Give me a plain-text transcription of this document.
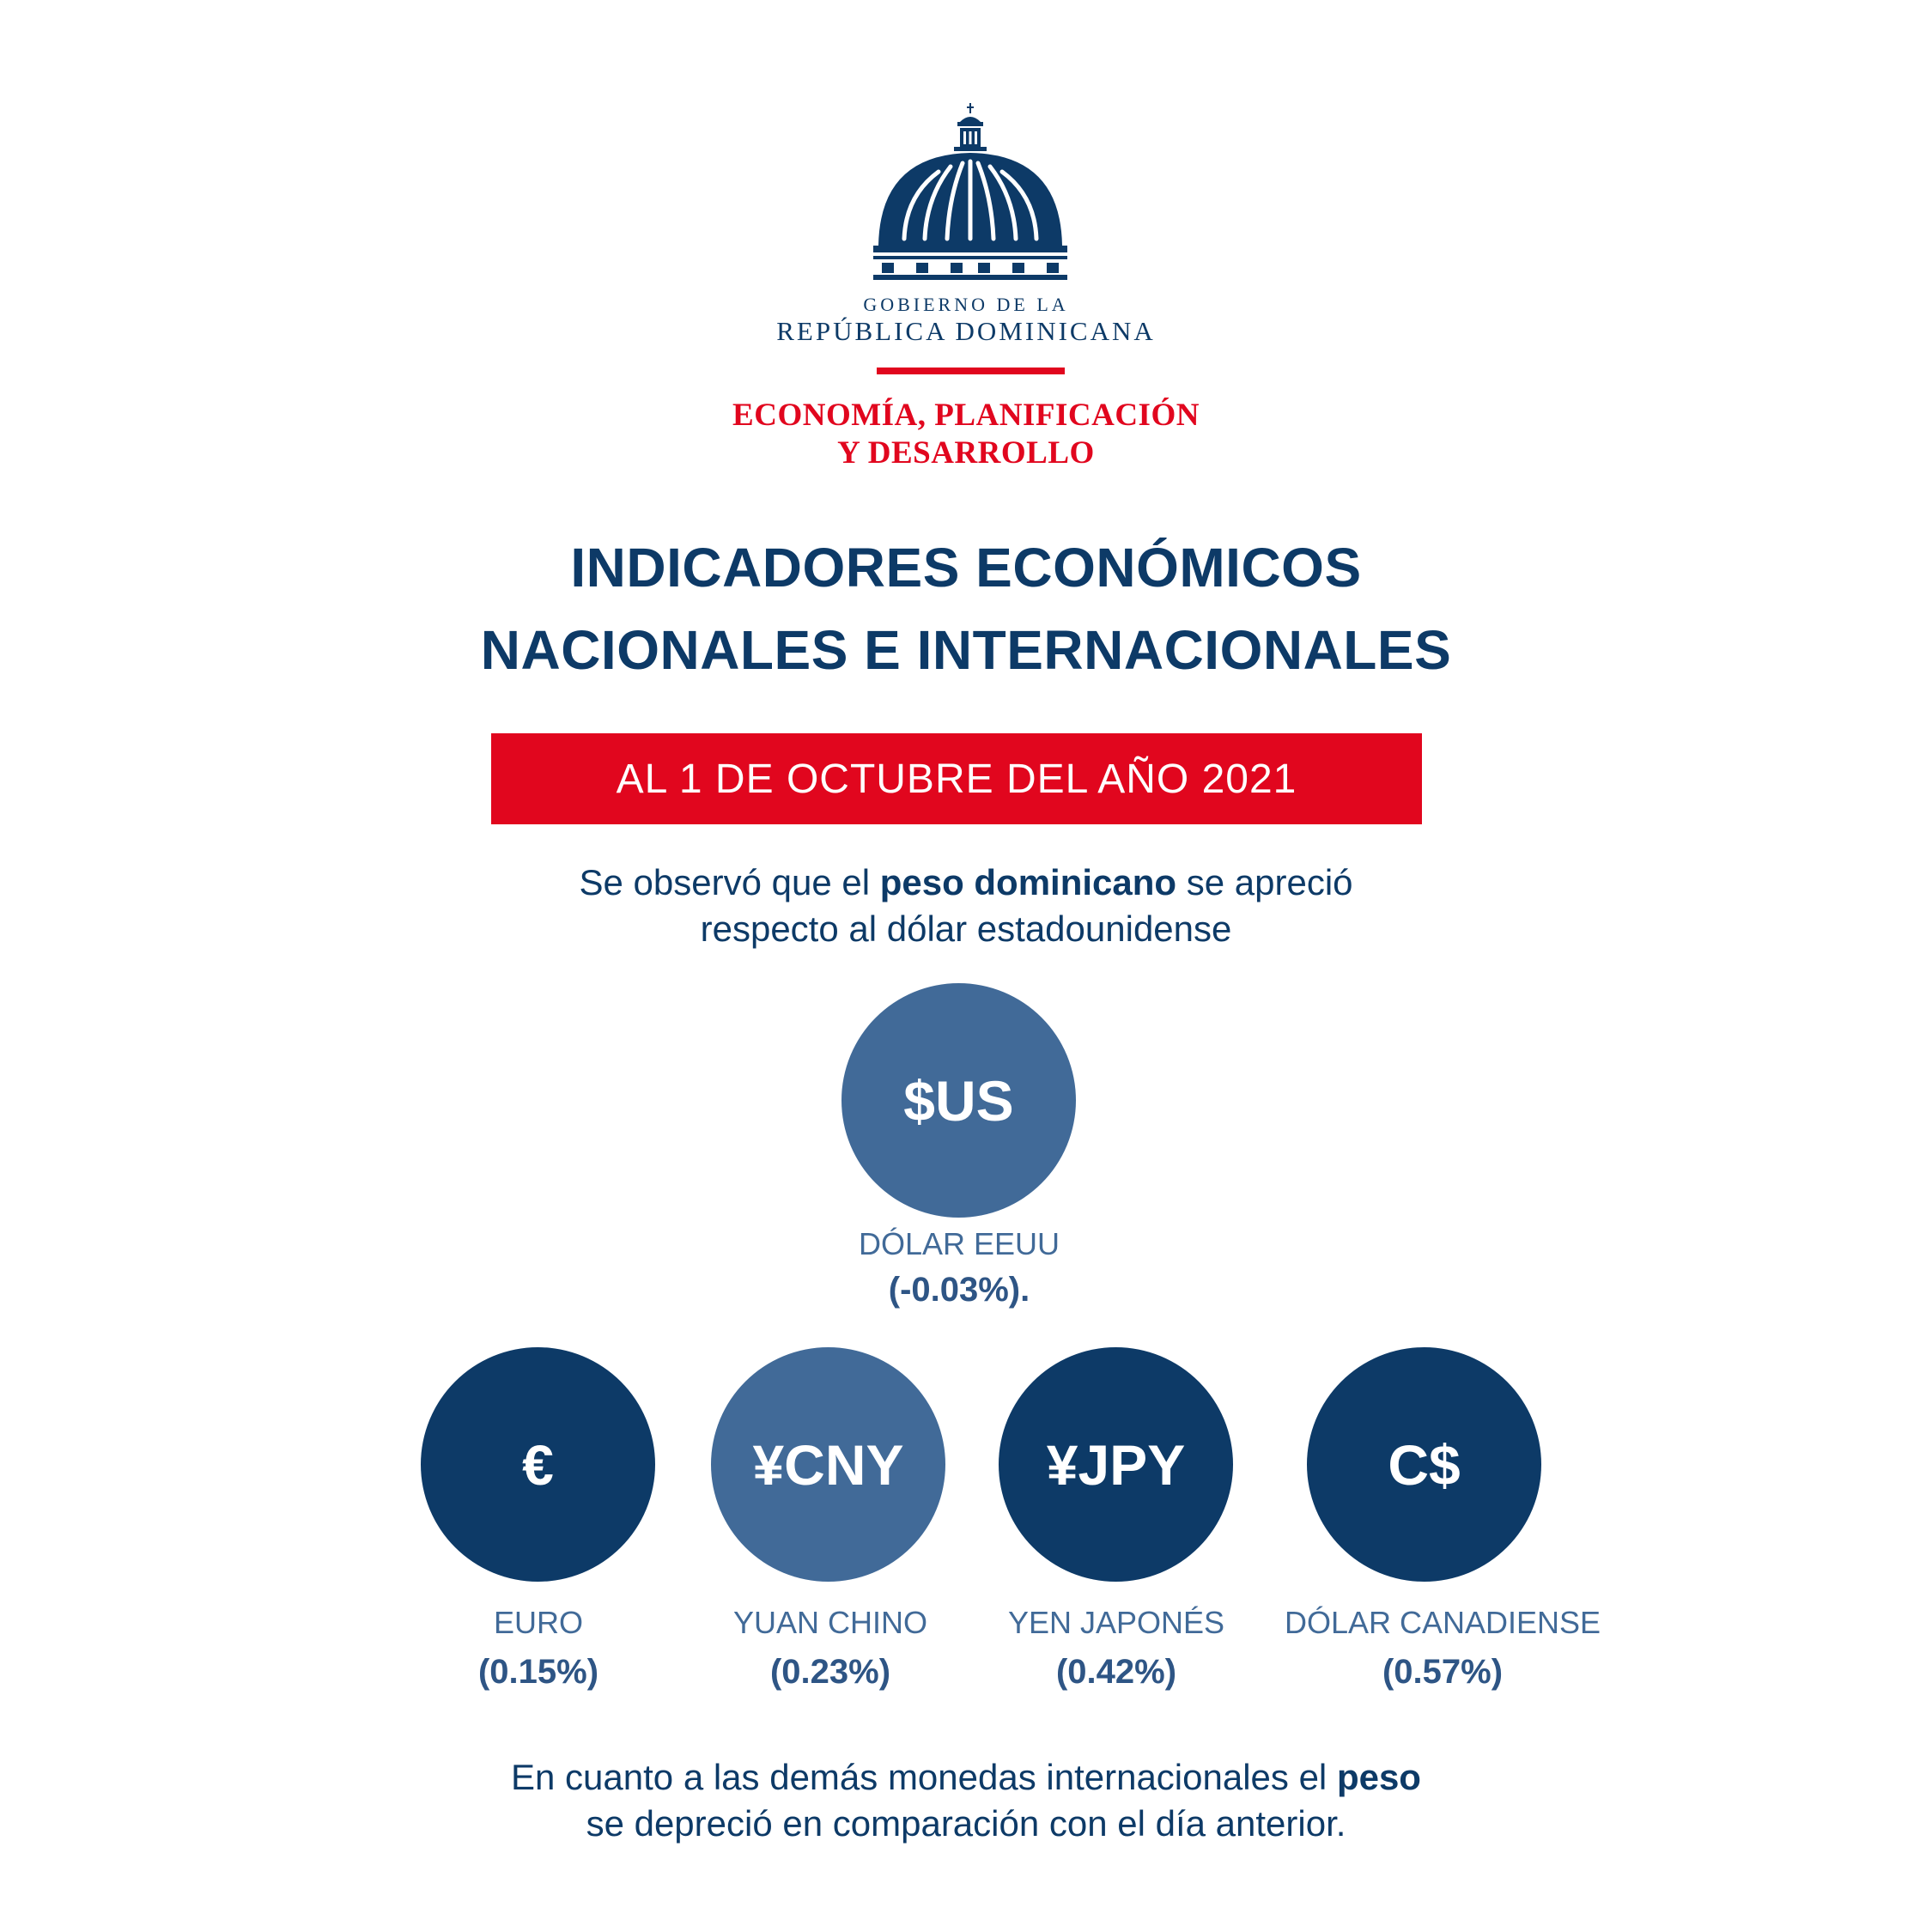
GOBIERNO DE LA
REPÚBLICA DOMINICANA
ECONOMÍA, PLANIFICACIÓN
Y DESARROLLO
INDICADORES ECONÓMICOS
NACIONALES E INTERNACIONALES
AL 1 DE OCTUBRE DEL AÑO 2021
Se observó que el peso dominicano se apreció
respecto al dólar estadounidense
$US
DÓLAR EEUU
(-0.03%).
€
EURO
(0.15%)
¥CNY
YUAN CHINO
(0.23%)
¥JPY
YEN JAPONÉS
(0.42%)
C$
DÓLAR CANADIENSE
(0.57%)
En cuanto a las demás monedas internacionales el peso
se depreció en comparación con el día anterior.
